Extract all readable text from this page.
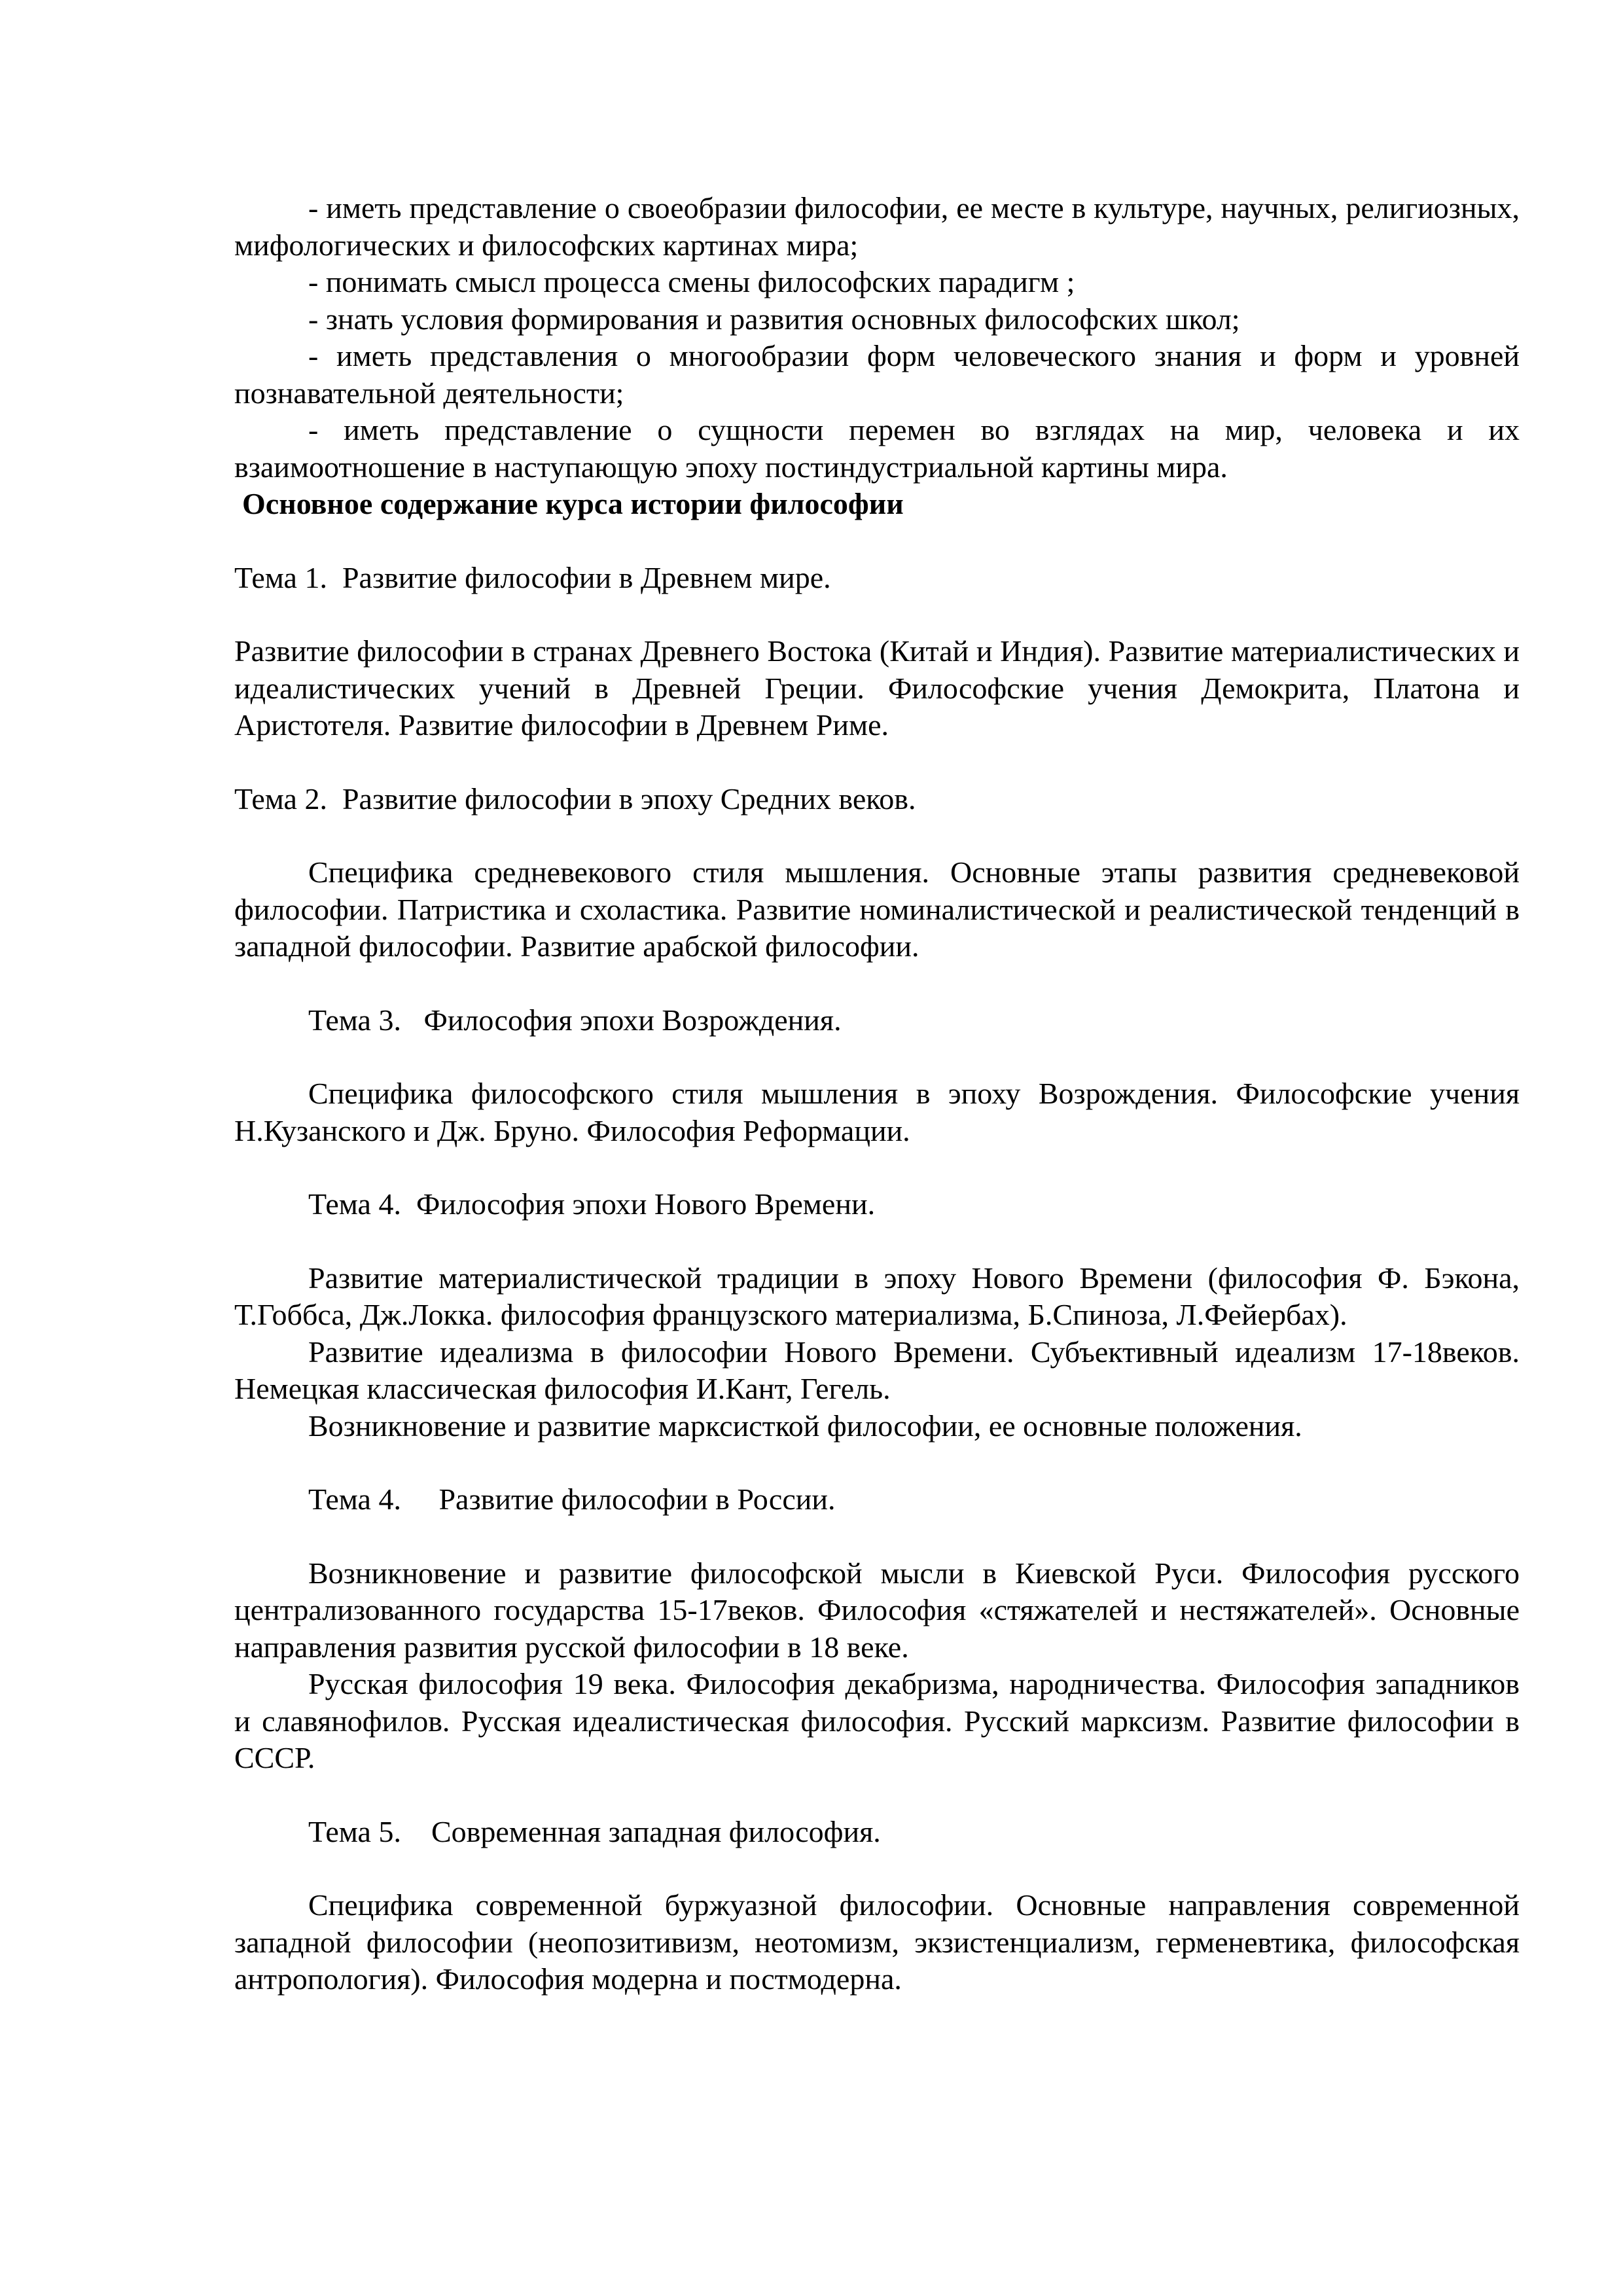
- иметь представление о своеобразии философии, ее месте в культуре, научных, религиозных, мифологических и философских картинах мира;

- понимать смысл процесса смены философских парадигм ;

- знать условия формирования и развития основных философских школ;

- иметь представления о многообразии форм человеческого знания и форм и уровней познавательной деятельности;

- иметь представление о сущности перемен во взглядах на мир, человека и их взаимоотношение в наступающую эпоху постиндустриальной картины мира.

Основное содержание курса истории философии

Тема 1.  Развитие философии в Древнем мире.

Развитие философии в странах Древнего Востока (Китай и Индия). Развитие материалистических и идеалистических учений в Древней Греции. Философские учения Демокрита, Платона и Аристотеля. Развитие философии в Древнем Риме.

Тема 2.  Развитие философии в эпоху Средних веков.

Специфика средневекового стиля мышления. Основные этапы развития средневековой философии. Патристика и схоластика. Развитие номиналистической и реалистической тенденций в западной философии. Развитие арабской философии.

Тема 3.   Философия эпохи Возрождения.

Специфика философского стиля мышления в эпоху Возрождения. Философские учения Н.Кузанского и Дж. Бруно. Философия Реформации.

Тема 4.  Философия эпохи Нового Времени.

Развитие материалистической традиции в эпоху Нового Времени (философия Ф. Бэкона, Т.Гоббса, Дж.Локка. философия французского материализма, Б.Спиноза, Л.Фейербах).

Развитие идеализма в философии Нового Времени. Субъективный идеализм 17-18веков. Немецкая классическая философия И.Кант, Гегель.

Возникновение и развитие марксисткой философии, ее основные положения.

Тема 4.     Развитие философии в России.

Возникновение и развитие философской мысли в Киевской Руси. Философия русского централизованного государства 15-17веков. Философия «стяжателей и нестяжателей». Основные направления развития русской философии в 18 веке.

Русская философия 19 века. Философия декабризма, народничества. Философия западников и славянофилов. Русская идеалистическая философия. Русский марксизм. Развитие философии в СССР.

Тема 5.    Современная западная философия.

Специфика современной буржуазной философии. Основные направления современной западной философии (неопозитивизм, неотомизм, экзистенциализм, герменевтика, философская антропология). Философия модерна и постмодерна.
